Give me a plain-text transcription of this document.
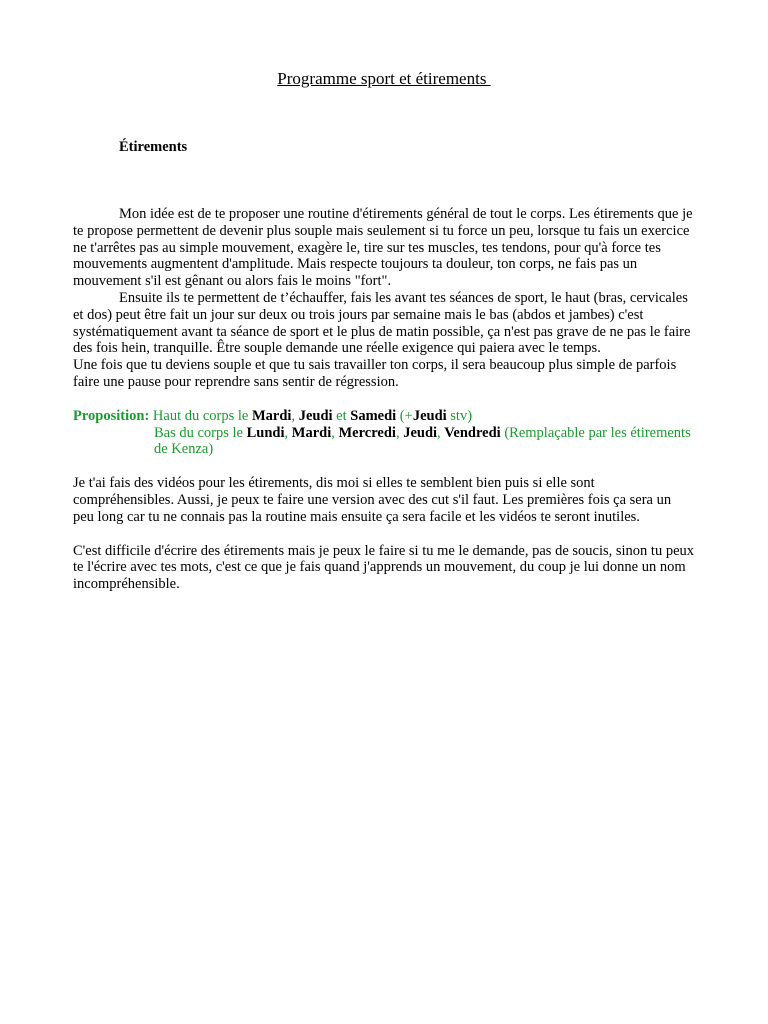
Programme sport et étirements
Étirements

Mon idée est de te proposer une routine d'étirements général de tout le corps. Les étirements que je te propose permettent de devenir plus souple mais seulement si tu force un peu, lorsque tu fais un exercice ne t'arrêtes pas au simple mouvement, exagère le, tire sur tes muscles, tes tendons, pour qu'à force tes mouvements augmentent d'amplitude. Mais respecte toujours ta douleur, ton corps, ne fais pas un mouvement s'il est gênant ou alors fais le moins "fort".

Ensuite ils te permettent de t’échauffer, fais les avant tes séances de sport, le haut (bras, cervicales et dos) peut être fait un jour sur deux ou trois jours par semaine mais le bas (abdos et jambes) c'est systématiquement avant ta séance de sport et le plus de matin possible, ça n'est pas grave de ne pas le faire des fois hein, tranquille. Être souple demande une réelle exigence qui paiera avec le temps.

Une fois que tu deviens souple et que tu sais travailler ton corps, il sera beaucoup plus simple de parfois faire une pause pour reprendre sans sentir de régression.

Proposition: Haut du corps le Mardi, Jeudi et Samedi (+Jeudi stv)
Bas du corps le Lundi, Mardi, Mercredi, Jeudi, Vendredi (Remplaçable par les étirements de Kenza)

Je t'ai fais des vidéos pour les étirements, dis moi si elles te semblent bien puis si elle sont compréhensibles. Aussi, je peux te faire une version avec des cut s'il faut. Les premières fois ça sera un peu long car tu ne connais pas la routine mais ensuite ça sera facile et les vidéos te seront inutiles.

C'est difficile d'écrire des étirements mais je peux le faire si tu me le demande, pas de soucis, sinon tu peux te l'écrire avec tes mots, c'est ce que je fais quand j'apprends un mouvement, du coup je lui donne un nom incompréhensible.
